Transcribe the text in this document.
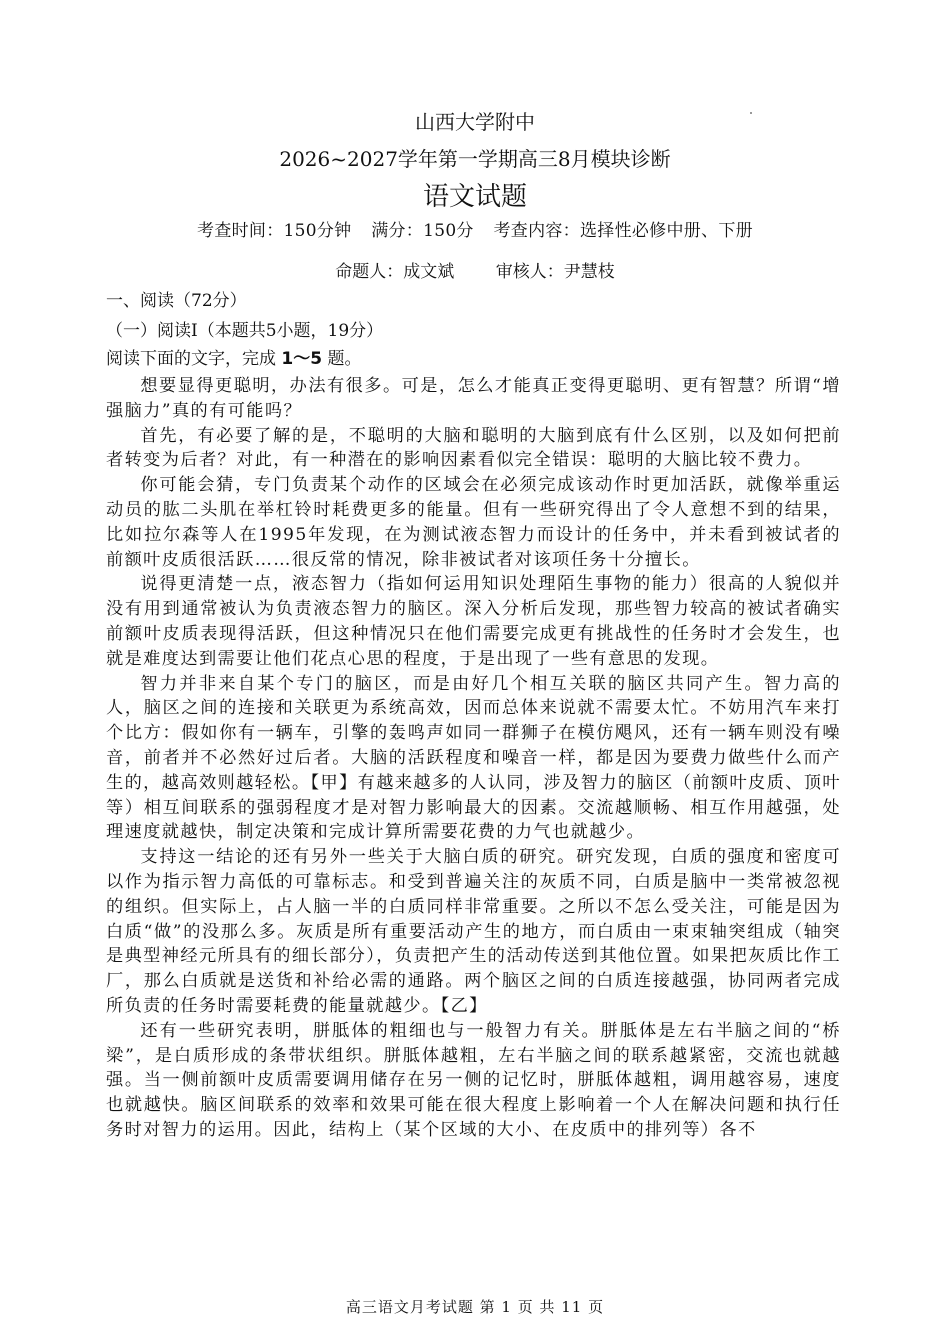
山西大学附中
2026~2027学年第一学期高三8月模块诊断
语文试题
考查时间：150分钟 满分：150分 考查内容：选择性必修中册、下册
命题人：成文斌 审核人：尹慧枝
一、阅读（72分）
（一）阅读Ⅰ（本题共5小题，19分）
阅读下面的文字，完成 1～5 题。

想要显得更聪明，办法有很多。可是，怎么才能真正变得更聪明、更有智慧？所谓“增强脑力”真的有可能吗？

首先，有必要了解的是，不聪明的大脑和聪明的大脑到底有什么区别，以及如何把前者转变为后者？对此，有一种潜在的影响因素看似完全错误：聪明的大脑比较不费力。

你可能会猜，专门负责某个动作的区域会在必须完成该动作时更加活跃，就像举重运动员的肱二头肌在举杠铃时耗费更多的能量。但有一些研究得出了令人意想不到的结果，比如拉尔森等人在1995年发现，在为测试液态智力而设计的任务中，并未看到被试者的前额叶皮质很活跃……很反常的情况，除非被试者对该项任务十分擅长。

说得更清楚一点，液态智力（指如何运用知识处理陌生事物的能力）很高的人貌似并没有用到通常被认为负责液态智力的脑区。深入分析后发现，那些智力较高的被试者确实前额叶皮质表现得活跃，但这种情况只在他们需要完成更有挑战性的任务时才会发生，也就是难度达到需要让他们花点心思的程度，于是出现了一些有意思的发现。

智力并非来自某个专门的脑区，而是由好几个相互关联的脑区共同产生。智力高的人，脑区之间的连接和关联更为系统高效，因而总体来说就不需要太忙。不妨用汽车来打个比方：假如你有一辆车，引擎的轰鸣声如同一群狮子在模仿飓风，还有一辆车则没有噪音，前者并不必然好过后者。大脑的活跃程度和噪音一样，都是因为要费力做些什么而产生的，越高效则越轻松。【甲】有越来越多的人认同，涉及智力的脑区（前额叶皮质、顶叶等）相互间联系的强弱程度才是对智力影响最大的因素。交流越顺畅、相互作用越强，处理速度就越快，制定决策和完成计算所需要花费的力气也就越少。

支持这一结论的还有另外一些关于大脑白质的研究。研究发现，白质的强度和密度可以作为指示智力高低的可靠标志。和受到普遍关注的灰质不同，白质是脑中一类常被忽视的组织。但实际上，占人脑一半的白质同样非常重要。之所以不怎么受关注，可能是因为白质“做”的没那么多。灰质是所有重要活动产生的地方，而白质由一束束轴突组成（轴突是典型神经元所具有的细长部分），负责把产生的活动传送到其他位置。如果把灰质比作工厂，那么白质就是送货和补给必需的通路。两个脑区之间的白质连接越强，协同两者完成所负责的任务时需要耗费的能量就越少。【乙】

还有一些研究表明，胼胝体的粗细也与一般智力有关。胼胝体是左右半脑之间的“桥梁”，是白质形成的条带状组织。胼胝体越粗，左右半脑之间的联系越紧密，交流也就越强。当一侧前额叶皮质需要调用储存在另一侧的记忆时，胼胝体越粗，调用越容易，速度也就越快。脑区间联系的效率和效果可能在很大程度上影响着一个人在解决问题和执行任务时对智力的运用。因此，结构上（某个区域的大小、在皮质中的排列等）各不

高三语文月考试题 第 1 页 共 11 页
